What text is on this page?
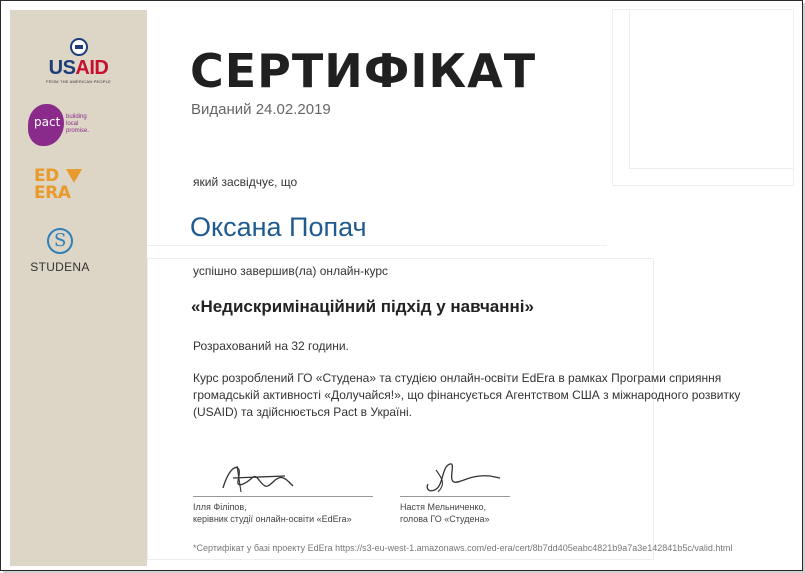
USAID
FROM THE AMERICAN PEOPLE
pact building local promise.
ED
ERA
S
STUDENA
СЕРТИФІКАТ
Виданий 24.02.2019
який засвідчує, що
Оксана Попач
успішно завершив(ла) онлайн-курс
«Недискримінаційний підхід у навчанні»
Розрахований на 32 години.
Курс розроблений ГО «Студена» та студією онлайн-освіти EdEra в рамках Програми сприяння громадській активності «Долучайся!», що фінансується Агентством США з міжнародного розвитку (USAID) та здійснюється Pact в Україні.
Ілля Філіпов,
керівник студії онлайн-освіти «EdEra»
Настя Мельниченко,
голова ГО «Студена»
*Сертифікат у базі проекту EdEra https://s3-eu-west-1.amazonaws.com/ed-era/cert/8b7dd405eabc4821b9a7a3e142841b5c/valid.html
